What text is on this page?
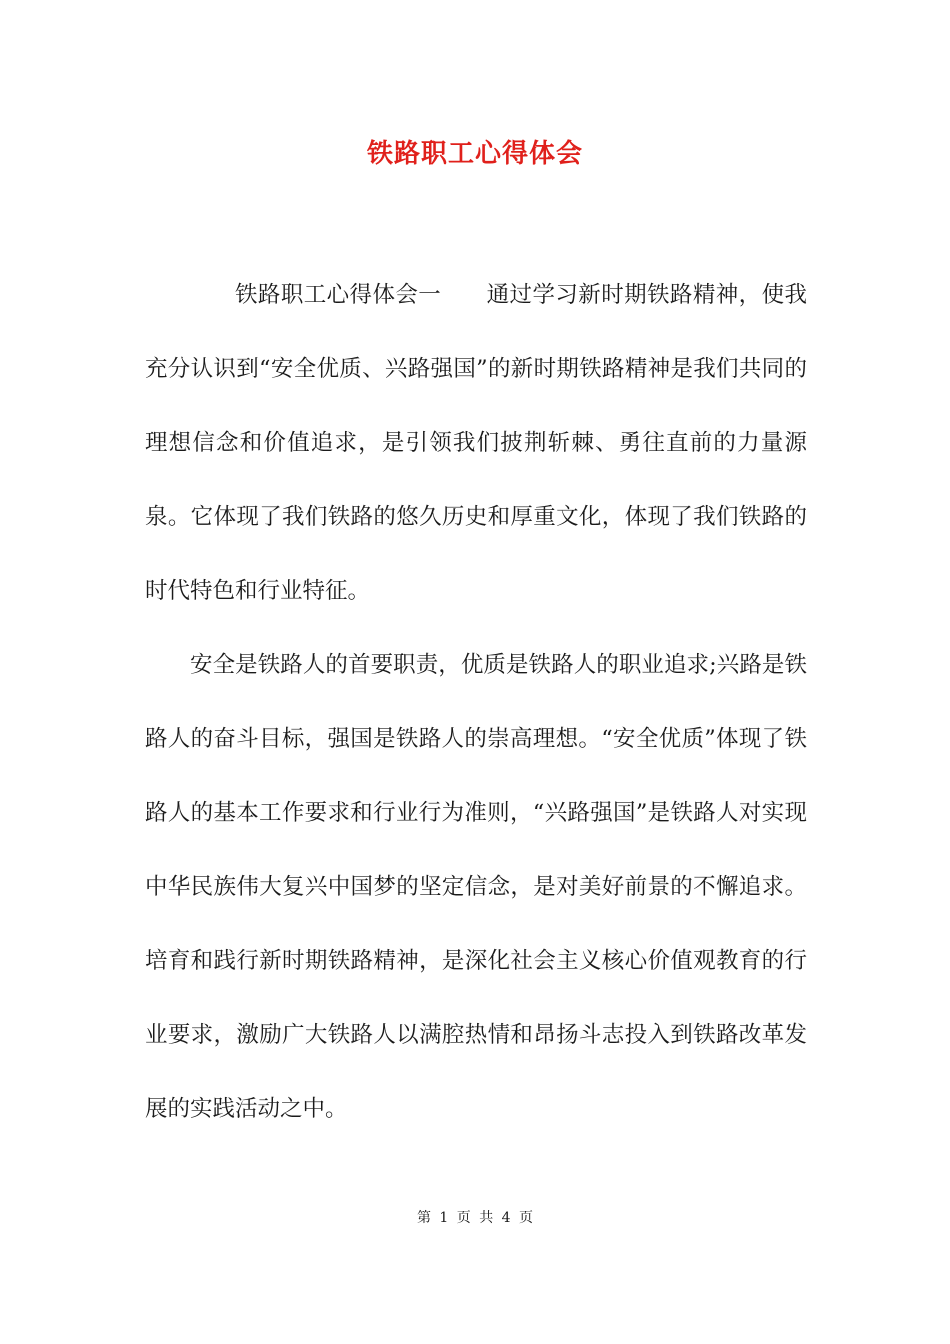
铁路职工心得体会

铁路职工心得体会一 通过学习新时期铁路精神，使我充分认识到“安全优质、兴路强国”的新时期铁路精神是我们共同的理想信念和价值追求，是引领我们披荆斩棘、勇往直前的力量源泉。它体现了我们铁路的悠久历史和厚重文化，体现了我们铁路的时代特色和行业特征。

安全是铁路人的首要职责，优质是铁路人的职业追求;兴路是铁路人的奋斗目标，强国是铁路人的崇高理想。“安全优质”体现了铁路人的基本工作要求和行业行为准则，“兴路强国”是铁路人对实现中华民族伟大复兴中国梦的坚定信念，是对美好前景的不懈追求。 培育和践行新时期铁路精神，是深化社会主义核心价值观教育的行业要求，激励广大铁路人以满腔热情和昂扬斗志投入到铁路改革发展的实践活动之中。

第 1 页 共 4 页
